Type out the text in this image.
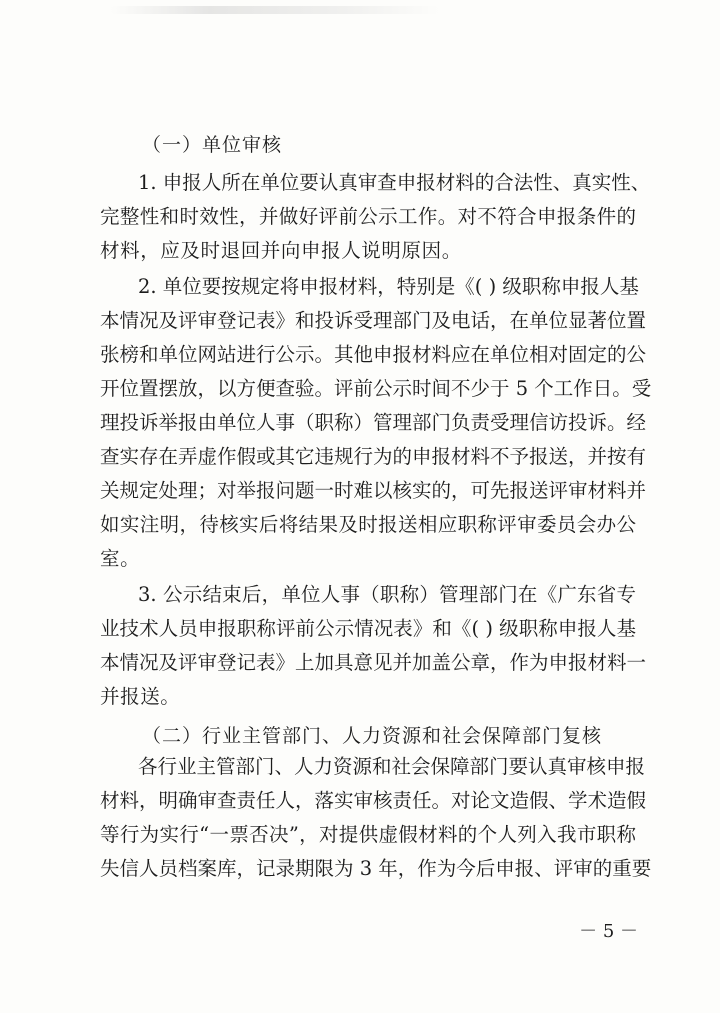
（一）单位审核
1. 申报人所在单位要认真审查申报材料的合法性、真实性、
完整性和时效性，并做好评前公示工作。对不符合申报条件的
材料，应及时退回并向申报人说明原因。
2. 单位要按规定将申报材料，特别是《( ) 级职称申报人基
本情况及评审登记表》和投诉受理部门及电话，在单位显著位置
张榜和单位网站进行公示。其他申报材料应在单位相对固定的公
开位置摆放，以方便查验。评前公示时间不少于 5 个工作日。受
理投诉举报由单位人事（职称）管理部门负责受理信访投诉。经
查实存在弄虚作假或其它违规行为的申报材料不予报送，并按有
关规定处理；对举报问题一时难以核实的，可先报送评审材料并
如实注明，待核实后将结果及时报送相应职称评审委员会办公
室。
3. 公示结束后，单位人事（职称）管理部门在《广东省专
业技术人员申报职称评前公示情况表》和《( ) 级职称申报人基
本情况及评审登记表》上加具意见并加盖公章，作为申报材料一
并报送。
（二）行业主管部门、人力资源和社会保障部门复核
各行业主管部门、人力资源和社会保障部门要认真审核申报
材料，明确审查责任人，落实审核责任。对论文造假、学术造假
等行为实行“一票否决”，对提供虚假材料的个人列入我市职称
失信人员档案库，记录期限为 3 年，作为今后申报、评审的重要
－ 5 －
